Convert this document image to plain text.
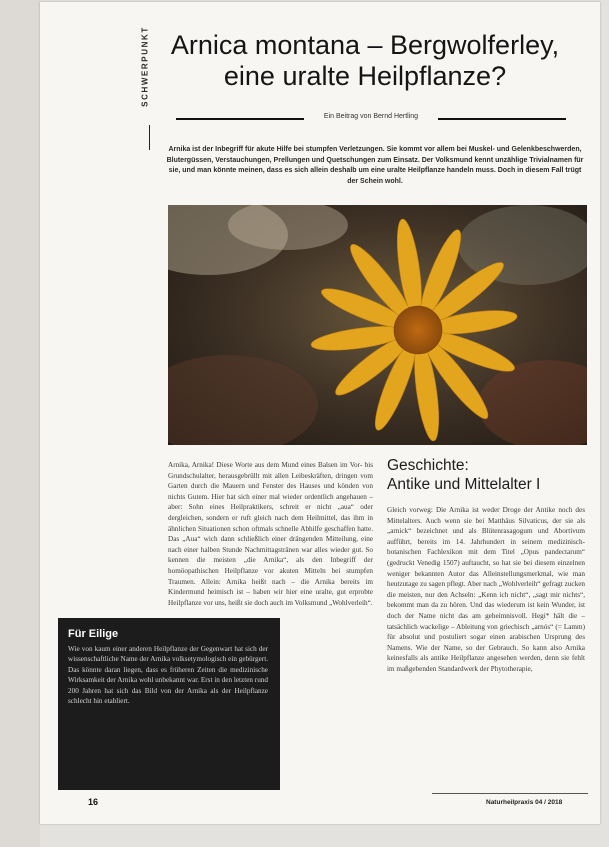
SCHWERPUNKT Arnica montana – Bergwolferley,
eine uralte Heilpflanze?
Ein Beitrag von Bernd Hertling
Arnika ist der Inbegriff für akute Hilfe bei stumpfen Verletzungen. Sie kommt vor allem bei Muskel- und Gelenkbeschwerden, Blutergüssen, Verstauchungen, Prellungen und Quetschungen zum Einsatz. Der Volksmund kennt unzählige Trivialnamen für sie, und man könnte meinen, dass es sich allein deshalb um eine uralte Heilpflanze handeln muss. Doch in diesem Fall trügt der Schein wohl.
Arnika, Arnika! Diese Worte aus dem Mund eines Balsen im Vor- bis Grundschulalter, herausgebrüllt mit allen Leibeskräften, dringen vom Garten durch die Mauern und Fenster des Hauses und könden von nichts Gutem. Hier hat sich einer mal wieder ordentlich angehauen – aber: Sohn eines Heilpraktikers, schreit er nicht „aua“ oder dergleichen, sondern er ruft gleich nach dem Heilmittel, das ihm in ähnlichen Situationen schon oftmals schnelle Abhilfe geschaffen hatte. Das „Aua“ wich dann schließlich einer drängenden Mitteilung, eine nach einer halben Stunde Nachmittagstränen war alles wieder gut. So kennen die meisten „die Arnika“, als den Inbegriff der homöopathischen Heilpflanze vor akuten Mitteln bei stumpfen Traumen. Allein: Arnika heißt nach – die Arnika bereits im Kindermund heimisch ist – haben wir hier eine uralte, gut erprobte Heilpflanze vor uns, heißt sie doch auch im Volksmund „Wohlverleih“.
Geschichte:
Antike und Mittelalter I
Gleich vorweg: Die Arnika ist weder Droge der Antike noch des Mittelalters. Auch wenn sie bei Matthäus Silvaticus, der sie als „arnick“ bezeichnet und als Blütenrasagogum und Abortivum aufführt, bereits im 14. Jahrhundert in seinem medizinisch-botanischen Fachlexikon mit dem Titel „Opus pandectarum“ (gedruckt Venedig 1507) auftaucht, so hat sie bei diesem einzelnen weniger bekannten Autor das Alleinstellungsmerkmal, wie man heutzutage zu sagen pflegt. Aber nach „Wohlverleih“ gefragt zucken die meisten, nur den Achseln: „Kenn ich nicht“, „sagt mir nichts“, bekommt man da zu hören. Und das wiederum ist kein Wunder, ist doch der Name nicht das am geheimnisvoll. Hegi* hält die – tatsächlich wackelige – Ableitung von griechisch „arnós“ (= Lamm) für absolut und postuliert sogar einen arabischen Ursprung des Namens. Wie der Name, so der Gebrauch. So kann also Arnika keinesfalls als antike Heilpflanze angesehen werden, denn sie fehlt im maßgebenden Standardwerk der Phytotherapie,
Für Eilige
Wie von kaum einer anderen Heilpflanze der Gegenwart hat sich der wissenschaftliche Name der Arnika volksetymologisch ein gebürgert. Das könnte daran liegen, dass es früheren Zeiten die medizinische Wirksamkeit der Arnika wohl unbekannt war. Erst in den letzten rund 200 Jahren hat sich das Bild von der Arnika als der Heilpflanze schlecht hin etabliert.
16	Naturheilpraxis 04 / 2018
